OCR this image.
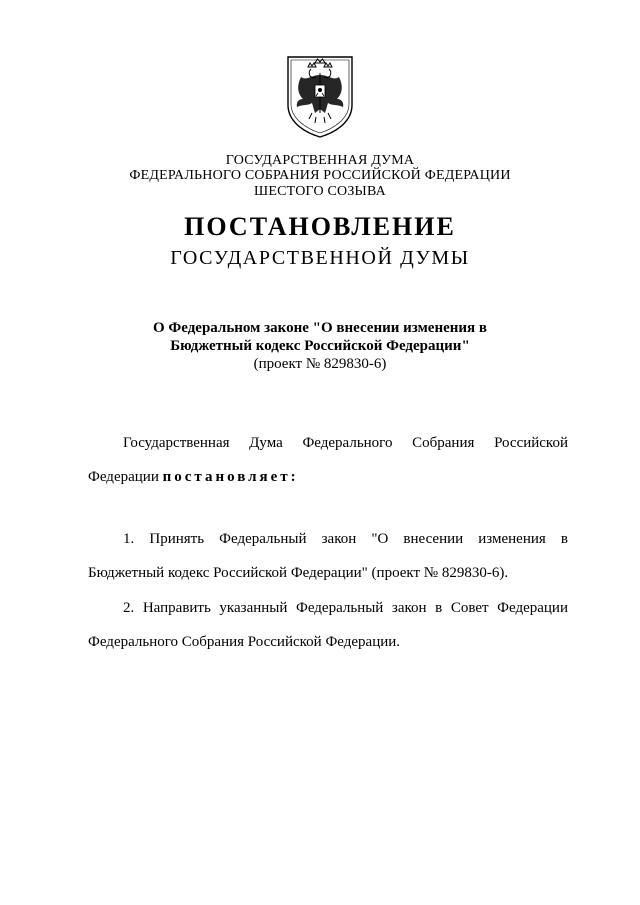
ГОСУДАРСТВЕННАЯ ДУМА
ФЕДЕРАЛЬНОГО СОБРАНИЯ РОССИЙСКОЙ ФЕДЕРАЦИИ
ШЕСТОГО СОЗЫВА
ПОСТАНОВЛЕНИЕ
ГОСУДАРСТВЕННОЙ ДУМЫ
О Федеральном законе "О внесении изменения в
Бюджетный кодекс Российской Федерации"
(проект № 829830-6)
Государственная Дума Федерального Собрания Российской
Федерации постановляет:
1. Принять Федеральный закон "О внесении изменения в
Бюджетный кодекс Российской Федерации" (проект № 829830-6).
2. Направить указанный Федеральный закон в Совет Федерации
Федерального Собрания Российской Федерации.
